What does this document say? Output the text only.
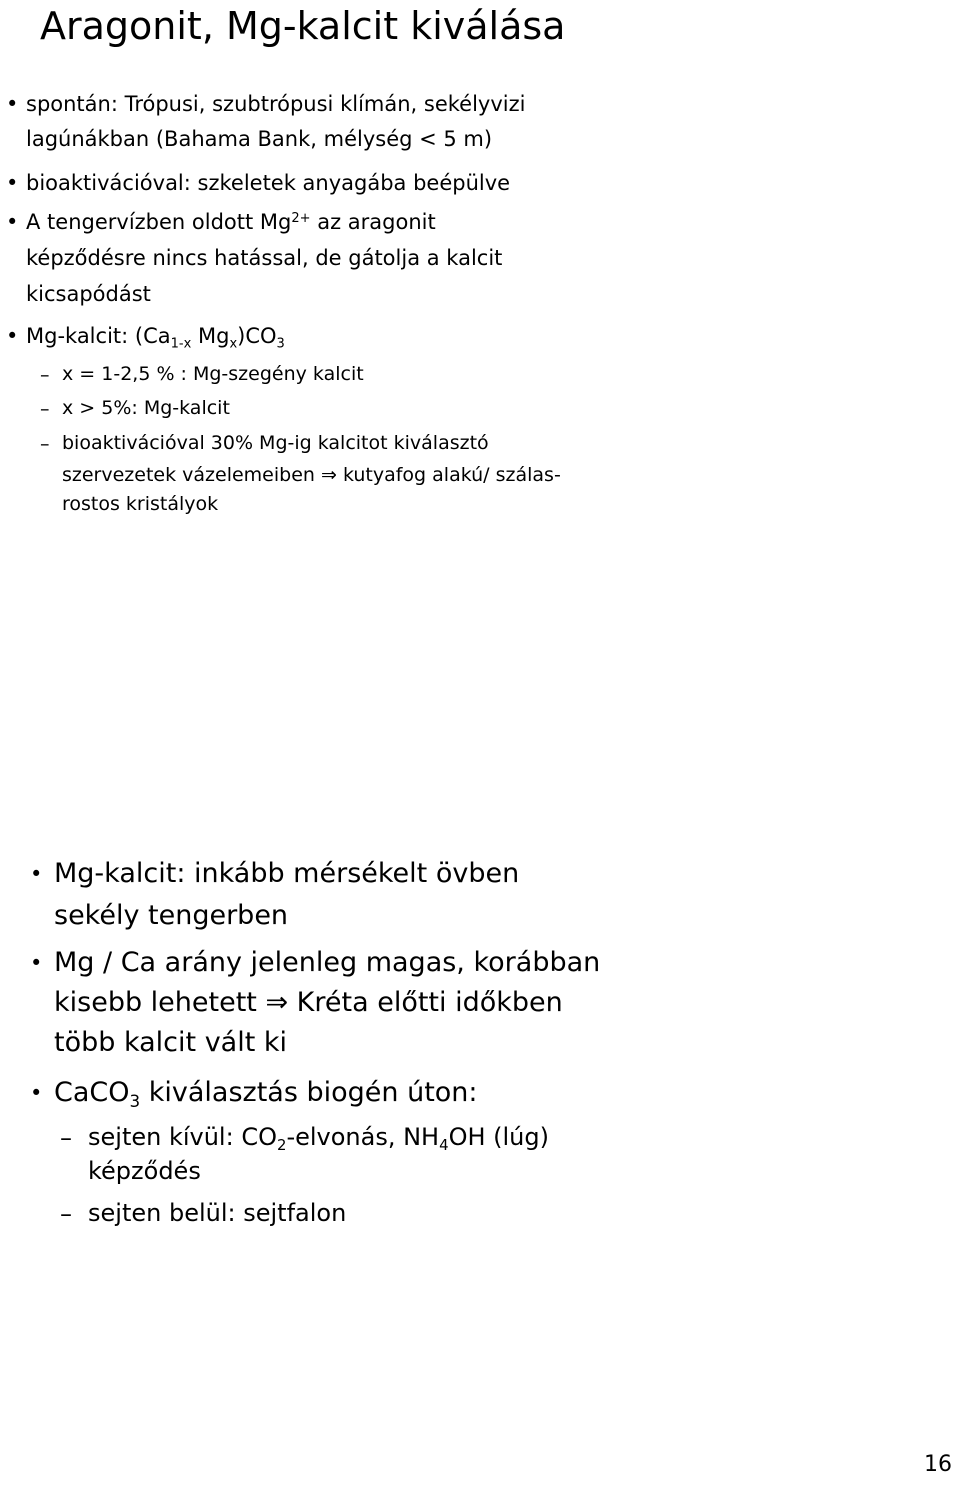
Aragonit, Mg-kalcit kiválása
• spontán: Trópusi, szubtrópusi klímán, sekélyvizi
lagúnákban (Bahama Bank, mélység < 5 m)
• bioaktivációval: szkeletek anyagába beépülve
• A tengervízben oldott $Mg^{2+}$ az aragonit
képződésre nincs hatással, de gátolja a kalcit
kicsapódást
• Mg-kalcit: ($Ca_{1-x}$ $Mg_x)CO_3$
– x = 1-2,5 % : Mg-szegény kalcit
– x > 5%: Mg-kalcit
– bioaktivációval 30% Mg-ig kalcitot kiválasztó
szervezetek vázelemeiben ⇒ kutyafog alakú/ szálas-
rostos kristályok
• Mg-kalcit: inkább mérsékelt övben
sekély tengerben
• Mg / Ca arány jelenleg magas, korábban
kisebb lehetett ⇒ Kréta előtti időkben
több kalcit vált ki
• CaCO$_3$ kiválasztás biogén úton:
– sejten kívül: $CO_2$-elvonás, $NH_4OH$ (lúg)
képződés
– sejten belül: sejtfalon
16
